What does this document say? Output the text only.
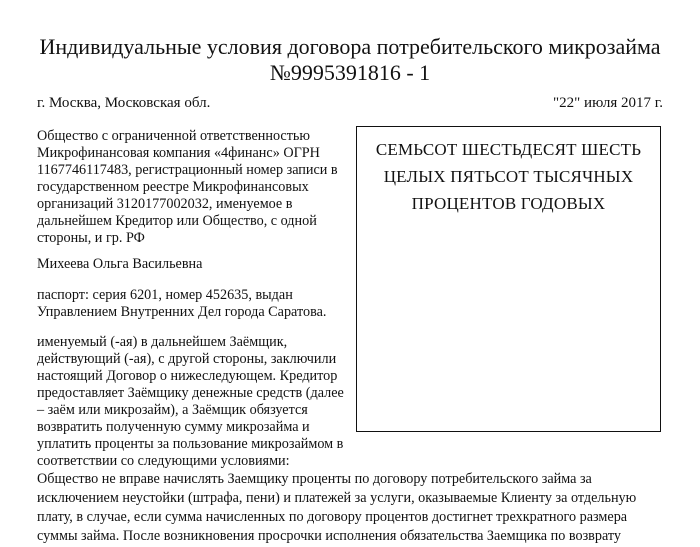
Индивидуальные условия договора потребительского микрозайма
№9995391816 - 1
г. Москва, Московская обл.	"22" июля 2017 г.

Общество с ограниченной ответственностью
Микрофинансовая компания «4финанс» ОГРН
1167746117483, регистрационный номер записи в
государственном реестре Микрофинансовых
организаций 3120177002032, именуемое в
дальнейшем Кредитор или Общество, с одной
стороны, и гр. РФ

Михеева Ольга Васильевна

паспорт: серия 6201, номер 452635, выдан
Управлением Внутренних Дел города Саратова.

именуемый (-ая) в дальнейшем Заёмщик,
действующий (-ая), с другой стороны, заключили
настоящий Договор о нижеследующем. Кредитор
предоставляет Заёмщику денежные средств (далее
– заём или микрозайм), а Заёмщик обязуется
возвратить полученную сумму микрозайма и
уплатить проценты за пользование микрозаймом в
соответствии со следующими условиями:

СЕМЬСОТ ШЕСТЬДЕСЯТ ШЕСТЬ
ЦЕЛЫХ ПЯТЬСОТ ТЫСЯЧНЫХ
ПРОЦЕНТОВ ГОДОВЫХ
Общество не вправе начислять Заемщику проценты по договору потребительского займа за
исключением неустойки (штрафа, пени) и платежей за услуги, оказываемые Клиенту за отдельную
плату, в случае, если сумма начисленных по договору процентов достигнет трехкратного размера
суммы займа. После возникновения просрочки исполнения обязательства Заемщика по возврату
